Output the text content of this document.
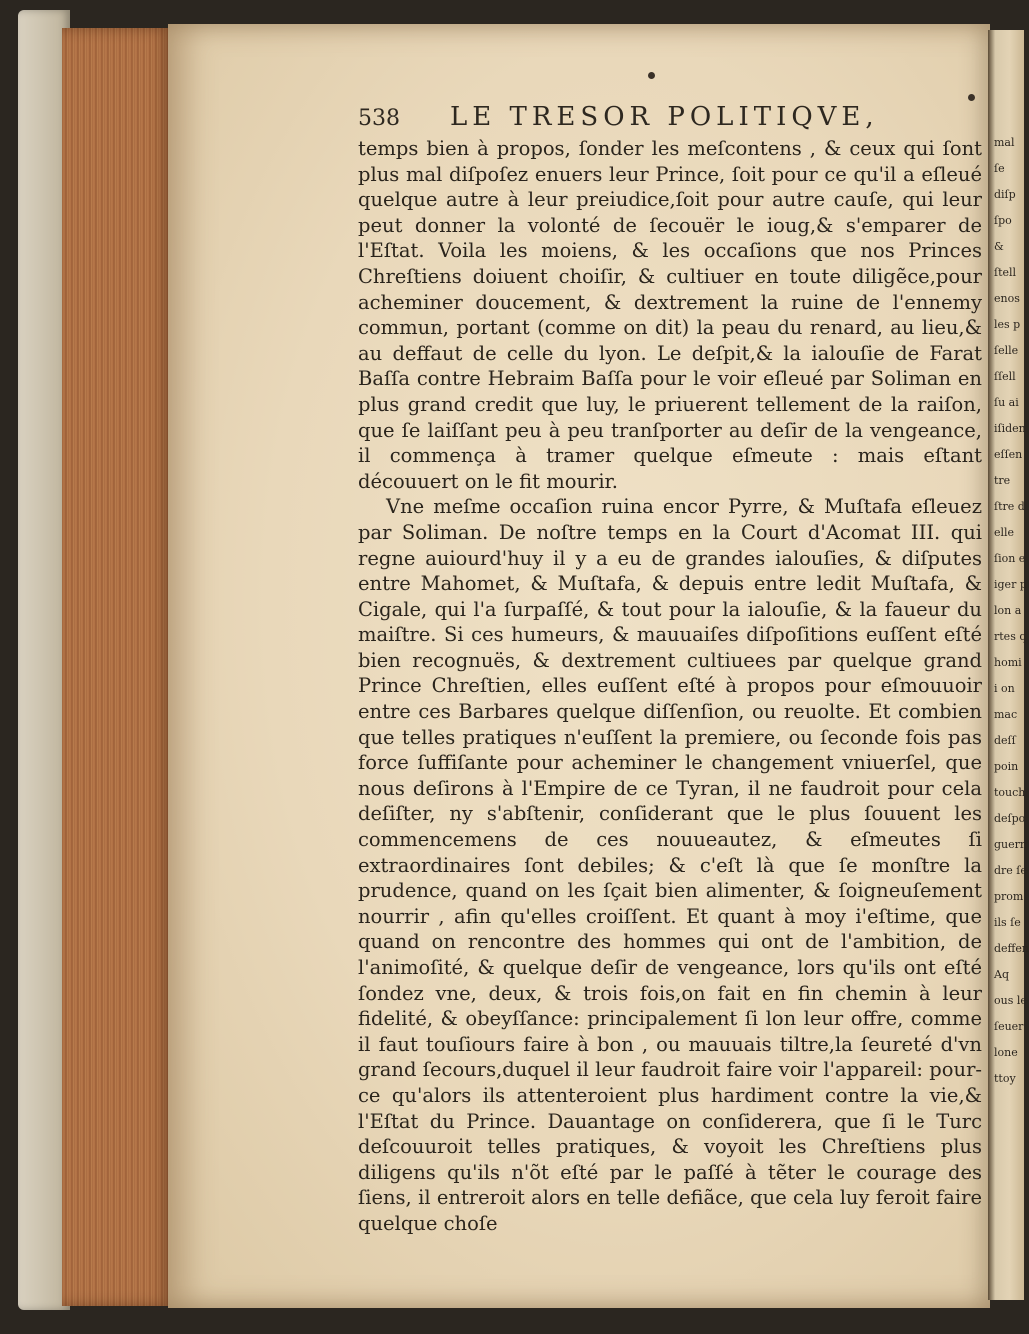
mal
ſe
diſp
ſpo
&
ſtell
enos
les p
ſelle
ſſell
ſu ai
iſiden
eſſen
tre
ſtre d
elle
ſion e
iger p
lon a
rtes q
homi
i on
mac
deſſ
poin
touch
deſpo
guerr
dre ſe
prom
ils ſe
deffen
Aq
ous le
ſeuer
lone
ttoy
538 LE TRESOR POLITIQVE,

temps bien à propos, ſonder les meſcontens , & ceux qui ſont plus mal diſpoſez enuers leur Prince, ſoit pour ce qu'il a eſleué quelque autre à leur preiudice,ſoit pour autre cauſe, qui leur peut donner la volonté de ſecouër le ioug,& s'emparer de l'Eſtat. Voila les moiens, & les occaſions que nos Princes Chreſtiens doiuent choiſir, & cultiuer en toute diligẽce,pour acheminer doucement, & dextrement la ruine de l'ennemy commun, portant (comme on dit) la peau du renard, au lieu,& au deffaut de celle du lyon. Le deſpit,& la ialouſie de Farat Baſſa contre Hebraim Baſſa pour le voir eſleué par Soliman en plus grand credit que luy, le priuerent tellement de la raiſon, que ſe laiſſant peu à peu tranſporter au deſir de la vengeance, il commença à tramer quelque eſmeute : mais eſtant découuert on le fit mourir.

Vne meſme occaſion ruina encor Pyrre, & Muſtafa eſleuez par Soliman. De noſtre temps en la Court d'Acomat III. qui regne auiourd'huy il y a eu de grandes ialouſies, & diſputes entre Mahomet, & Muſtafa, & depuis entre ledit Muſtafa, & Cigale, qui l'a ſurpaſſé, & tout pour la ialouſie, & la faueur du maiſtre. Si ces humeurs, & mauuaiſes diſpoſitions euſſent eſté bien recognuës, & dextrement cultiuees par quelque grand Prince Chreſtien, elles euſſent eſté à propos pour eſmouuoir entre ces Barbares quelque diſſenſion, ou reuolte. Et combien que telles pratiques n'euſſent la premiere, ou ſeconde fois pas force ſuffiſante pour acheminer le changement vniuerſel, que nous deſirons à l'Empire de ce Tyran, il ne faudroit pour cela deſiſter, ny s'abſtenir, conſiderant que le plus ſouuent les commencemens de ces nouueautez, & eſmeutes ſi extraordinaires ſont debiles; & c'eſt là que ſe monſtre la prudence, quand on les ſçait bien alimenter, & ſoigneuſement nourrir , afin qu'elles croiſſent. Et quant à moy i'eſtime, que quand on rencontre des hommes qui ont de l'ambition, de l'animoſité, & quelque deſir de vengeance, lors qu'ils ont eſté ſondez vne, deux, & trois fois,on fait en fin chemin à leur fidelité, & obeyſſance: principalement ſi lon leur offre, comme il faut touſiours faire à bon , ou mauuais tiltre,la ſeureté d'vn grand ſecours,duquel il leur faudroit faire voir l'appareil: pour-ce qu'alors ils attenteroient plus hardiment contre la vie,& l'Eſtat du Prince. Dauantage on conſiderera, que ſi le Turc deſcouuroit telles pratiques, & voyoit les Chreſtiens plus diligens qu'ils n'õt eſté par le paſſé à tẽter le courage des ſiens, il entreroit alors en telle defiãce, que cela luy feroit faire quelque choſe
